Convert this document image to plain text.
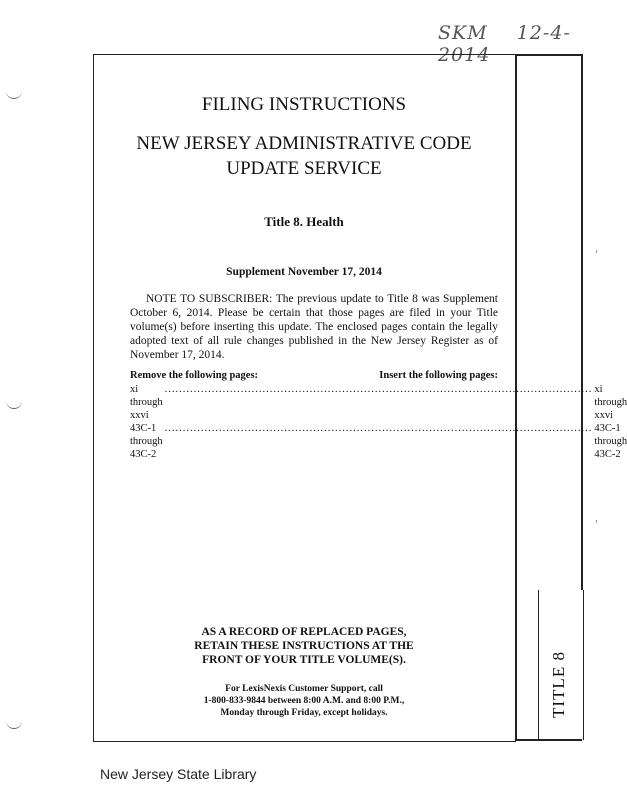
SKM 12-4-2014
TITLE 8
FILING INSTRUCTIONS
NEW JERSEY ADMINISTRATIVE CODE
UPDATE SERVICE
Title 8. Health
Supplement November 17, 2014
NOTE TO SUBSCRIBER: The previous update to Title 8 was Supplement October 6, 2014. Please be certain that those pages are filed in your Title volume(s) before inserting this update. The enclosed pages contain the legally adopted text of all rule changes published in the New Jersey Register as of November 17, 2014.
Remove the following pages:	Insert the following pages:
xi through xxvi
...................................................................................................................... xi through xxvi
43C-1 through 43C-2
...................................................................................................................... 43C-1 through 43C-2
AS A RECORD OF REPLACED PAGES,
RETAIN THESE INSTRUCTIONS AT THE
FRONT OF YOUR TITLE VOLUME(S).
For LexisNexis Customer Support, call
1-800-833-9844 between 8:00 A.M. and 8:00 P.M.,
Monday through Friday, except holidays.
New Jersey State Library
